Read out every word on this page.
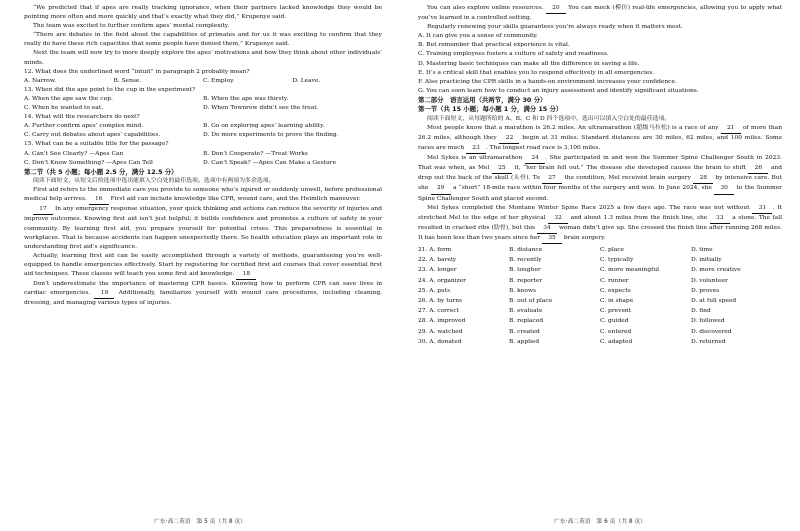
“We predicted that if apes are really tracking ignorance, when their partners lacked knowledge they would be pointing more often and more quickly and that’s exactly what they did,” Krupenye said.

The team was excited to further confirm apes’ mental complexity.

“There are debates in the field about the capabilities of primates and for us it was exciting to confirm that they really do have these rich capacities that some people have denied them,” Krupenye said.

Next the team will now try to more deeply explore the apes’ motivations and how they think about other individuals’ minds.

12. What does the underlined word “intuit” in paragraph 2 probably mean?
A. Narrow.	B. Sense.	C. Employ.	D. Leave.
13. When did the ape point to the cup in the experiment?
A. When the ape saw the cup.	B. When the ape was thirsty.
C. When he wanted to eat.	D. When Townrow didn’t see the treat.
14. What will the researchers do next?
A. Further confirm apes’ complex mind.	B. Go on exploring apes’ learning ability.
C. Carry out debates about apes’ capabilities.	D. Do more experiments to prove the finding.
15. What can be a suitable title for the passage?
A. Can’t See Clearly? —Apes Can	B. Don’t Cooperate? —Treat Works
C. Don’t Know Something? —Apes Can Tell	D. Can’t Speak? —Apes Can Make a Gesture
第二节（共 5 小题；每小题 2.5 分，满分 12.5 分）
阅读下面短文，从短文后的选项中选出能填入空白处的最佳选项。选项中有两项为多余选项。

First aid refers to the immediate care you provide to someone who’s injured or suddenly unwell, before professional medical help arrives. 16 First aid can include knowledge like CPR, wound care, and the Heimlich maneuver.

17 In any emergency response situation, your quick thinking and actions can reduce the severity of injuries and improve outcomes. Knowing first aid isn’t just helpful; it builds confidence and promotes a culture of safety in your community. By learning first aid, you prepare yourself for potential crises. This preparedness is essential in workplaces. That is because accidents can happen unexpectedly there. So health education plays an important role in understanding first aid’s significance.

Actually, learning first aid can be easily accomplished through a variety of methods, guaranteeing you’re well-equipped to handle emergencies effectively. Start by registering for certified first aid courses that cover essential first aid techniques. These classes will teach you some first aid knowledge. 18

Don’t underestimate the importance of mastering CPR basics. Knowing how to perform CPR can save lives in cardiac emergencies. 19 Additionally, familiarize yourself with wound care procedures, including cleaning, dressing, and managing various types of injuries.

广东·高二英语　第 5 页（共 8 页）

You can also explore online resources. 20 You can mock (模仿) real-life emergencies, allowing you to apply what you’ve learned in a controlled setting.

Regularly renewing your skills guarantees you’re always ready when it matters most.

A. It can give you a sense of community.
B. But remember that practical experience is vital.
C. Training employees fosters a culture of safety and readiness.
D. Mastering basic techniques can make all the difference in saving a life.
E. It’s a critical skill that enables you to respond effectively in all emergencies.
F. Also practicing the CPR skills in a hands-on environment increases your confidence.
G. You can soon learn how to conduct an injury assessment and identify significant situations.
第二部分　语言运用（共两节，满分 30 分）
第一节（共 15 小题；每小题 1 分，满分 15 分）
阅读下面短文，从每题所给的 A、B、C 和 D 四个选项中，选出可以填入空白处的最佳选项。

Most people know that a marathon is 26.2 miles. An ultramarathon (超级马拉松) is a race of any 21 of more than 26.2 miles, although they 22 begin at 31 miles. Standard distances are 30 miles, 62 miles, and 100 miles. Some races are much 23 . The longest road race is 3,100 miles.

Mel Sykes is an ultramarathon 24 . She participated in and won the Summer Spine Challenger South in 2023. That was when, as Mel 25 it, “her brain fell out.” The disease she developed causes the brain to shift 26 and drop out the back of the skull (头骨). To 27 the condition, Mel received brain surgery 28 by intensive care. But she 29 a “short” 18-mile race within four months of the surgery and won. In June 2024, she 30 to the Summer Spine Challenger South and placed second.

Mel Sykes completed the Montane Winter Spine Race 2025 a few days ago. The race was not without 31 . It stretched Mel to the edge of her physical 32 and about 1.3 miles from the finish line, she 33 a stone. The fall resulted in cracked ribs (肋骨), but this 34 woman didn’t give up. She crossed the finish line after running 268 miles. It has been less than two years since her 35 brain surgery.

21. A. form	B. distance	C. place	D. time
22. A. barely	B. recently	C. typically	D. initially
23. A. longer	B. tougher	C. more meaningful	D. more creative
24. A. organizer	B. reporter	C. runner	D. volunteer
25. A. puts	B. knows	C. expects	D. proves
26. A. by turns	B. out of place	C. in shape	D. at full speed
27. A. correct	B. evaluate	C. prevent	D. find
28. A. improved	B. replaced	C. guided	D. followed
29. A. watched	B. created	C. entered	D. discovered
30. A. donated	B. applied	C. adapted	D. returned
广东·高二英语　第 6 页（共 8 页）
